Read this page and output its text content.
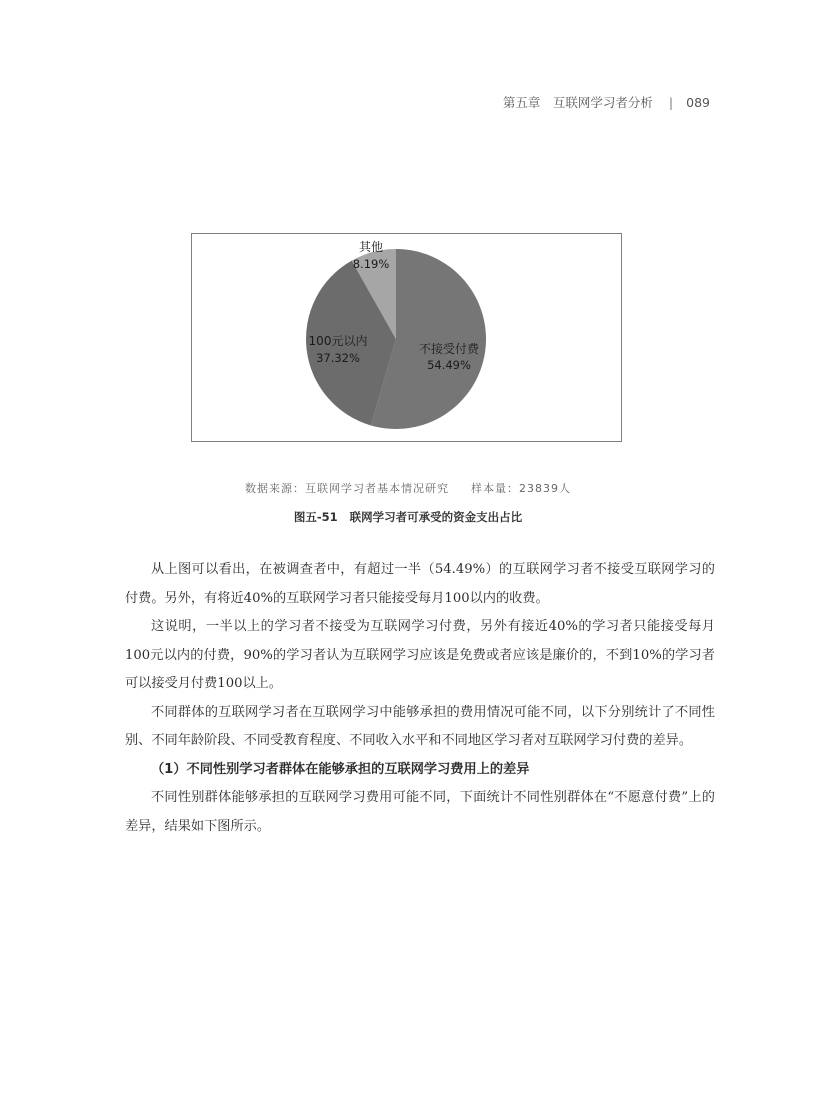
第五章　互联网学习者分析 | 089
不接受付费
54.49%
100元以内
37.32%
其他
8.19%
数据来源：互联网学习者基本情况研究 样本量：23839人
图五-51 联网学习者可承受的资金支出占比

从上图可以看出，在被调查者中，有超过一半（54.49%）的互联网学习者不接受互联网学习的付费。另外，有将近40%的互联网学习者只能接受每月100以内的收费。

这说明，一半以上的学习者不接受为互联网学习付费，另外有接近40%的学习者只能接受每月100元以内的付费，90%的学习者认为互联网学习应该是免费或者应该是廉价的，不到10%的学习者可以接受月付费100以上。

不同群体的互联网学习者在互联网学习中能够承担的费用情况可能不同，以下分别统计了不同性别、不同年龄阶段、不同受教育程度、不同收入水平和不同地区学习者对互联网学习付费的差异。

（1）不同性别学习者群体在能够承担的互联网学习费用上的差异

不同性别群体能够承担的互联网学习费用可能不同，下面统计不同性别群体在“不愿意付费”上的差异，结果如下图所示。
